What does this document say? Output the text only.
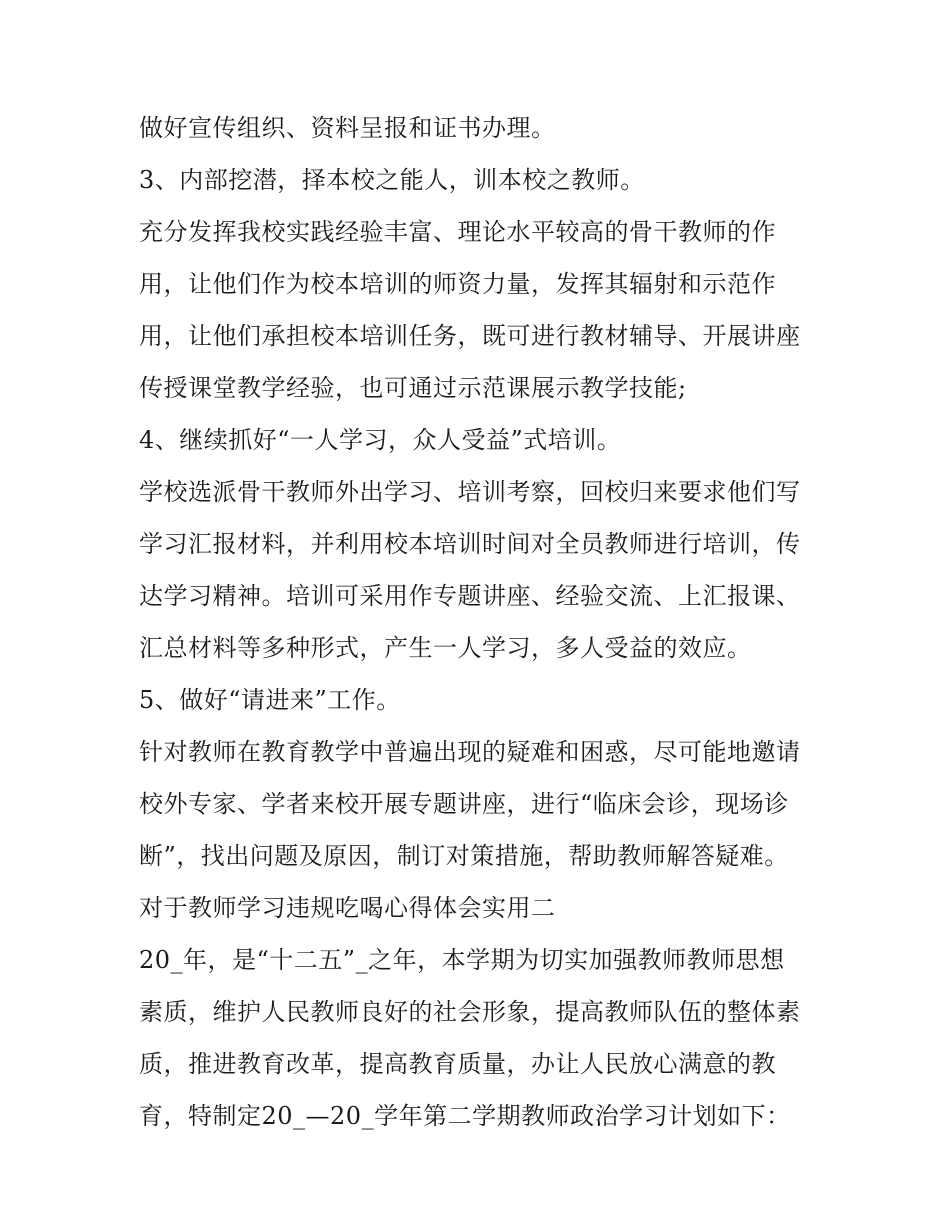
做好宣传组织、资料呈报和证书办理。
3、内部挖潜，择本校之能人，训本校之教师。
充分发挥我校实践经验丰富、理论水平较高的骨干教师的作
用，让他们作为校本培训的师资力量，发挥其辐射和示范作
用，让他们承担校本培训任务，既可进行教材辅导、开展讲座
传授课堂教学经验，也可通过示范课展示教学技能;
4、继续抓好“一人学习，众人受益”式培训。
学校选派骨干教师外出学习、培训考察，回校归来要求他们写
学习汇报材料，并利用校本培训时间对全员教师进行培训，传
达学习精神。培训可采用作专题讲座、经验交流、上汇报课、
汇总材料等多种形式，产生一人学习，多人受益的效应。
5、做好“请进来”工作。
针对教师在教育教学中普遍出现的疑难和困惑，尽可能地邀请
校外专家、学者来校开展专题讲座，进行“临床会诊，现场诊
断”，找出问题及原因，制订对策措施，帮助教师解答疑难。
对于教师学习违规吃喝心得体会实用二
20_年，是“十二五”_之年，本学期为切实加强教师教师思想
素质，维护人民教师良好的社会形象，提高教师队伍的整体素
质，推进教育改革，提高教育质量，办让人民放心满意的教
育，特制定20_—20_学年第二学期教师政治学习计划如下：
